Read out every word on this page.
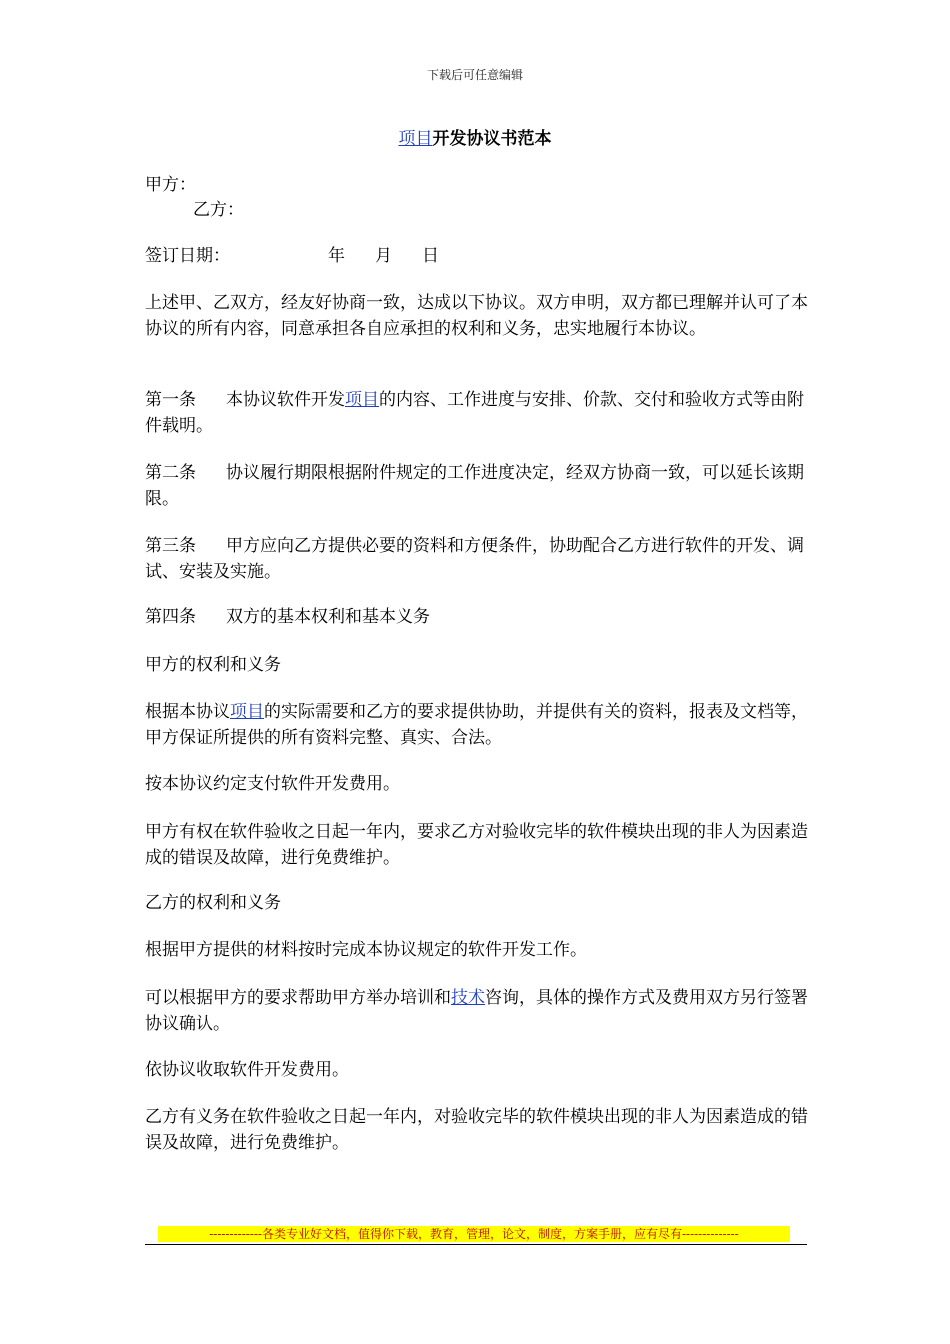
下载后可任意编辑
项目开发协议书范本

甲方：

乙方：

签订日期：	年 月 日

上述甲、乙双方，经友好协商一致，达成以下协议。双方申明，双方都已理解并认可了本协议的所有内容，同意承担各自应承担的权利和义务，忠实地履行本协议。

第一条 本协议软件开发项目的内容、工作进度与安排、价款、交付和验收方式等由附件载明。

第二条 协议履行期限根据附件规定的工作进度决定，经双方协商一致，可以延长该期限。

第三条 甲方应向乙方提供必要的资料和方便条件，协助配合乙方进行软件的开发、调试、安装及实施。

第四条 双方的基本权利和基本义务

甲方的权利和义务

根据本协议项目的实际需要和乙方的要求提供协助，并提供有关的资料，报表及文档等，甲方保证所提供的所有资料完整、真实、合法。

按本协议约定支付软件开发费用。

甲方有权在软件验收之日起一年内，要求乙方对验收完毕的软件模块出现的非人为因素造成的错误及故障，进行免费维护。

乙方的权利和义务

根据甲方提供的材料按时完成本协议规定的软件开发工作。

可以根据甲方的要求帮助甲方举办培训和技术咨询，具体的操作方式及费用双方另行签署协议确认。

依协议收取软件开发费用。

乙方有义务在软件验收之日起一年内，对验收完毕的软件模块出现的非人为因素造成的错误及故障，进行免费维护。

-------------各类专业好文档，值得你下载，教育，管理，论文，制度，方案手册，应有尽有--------------
